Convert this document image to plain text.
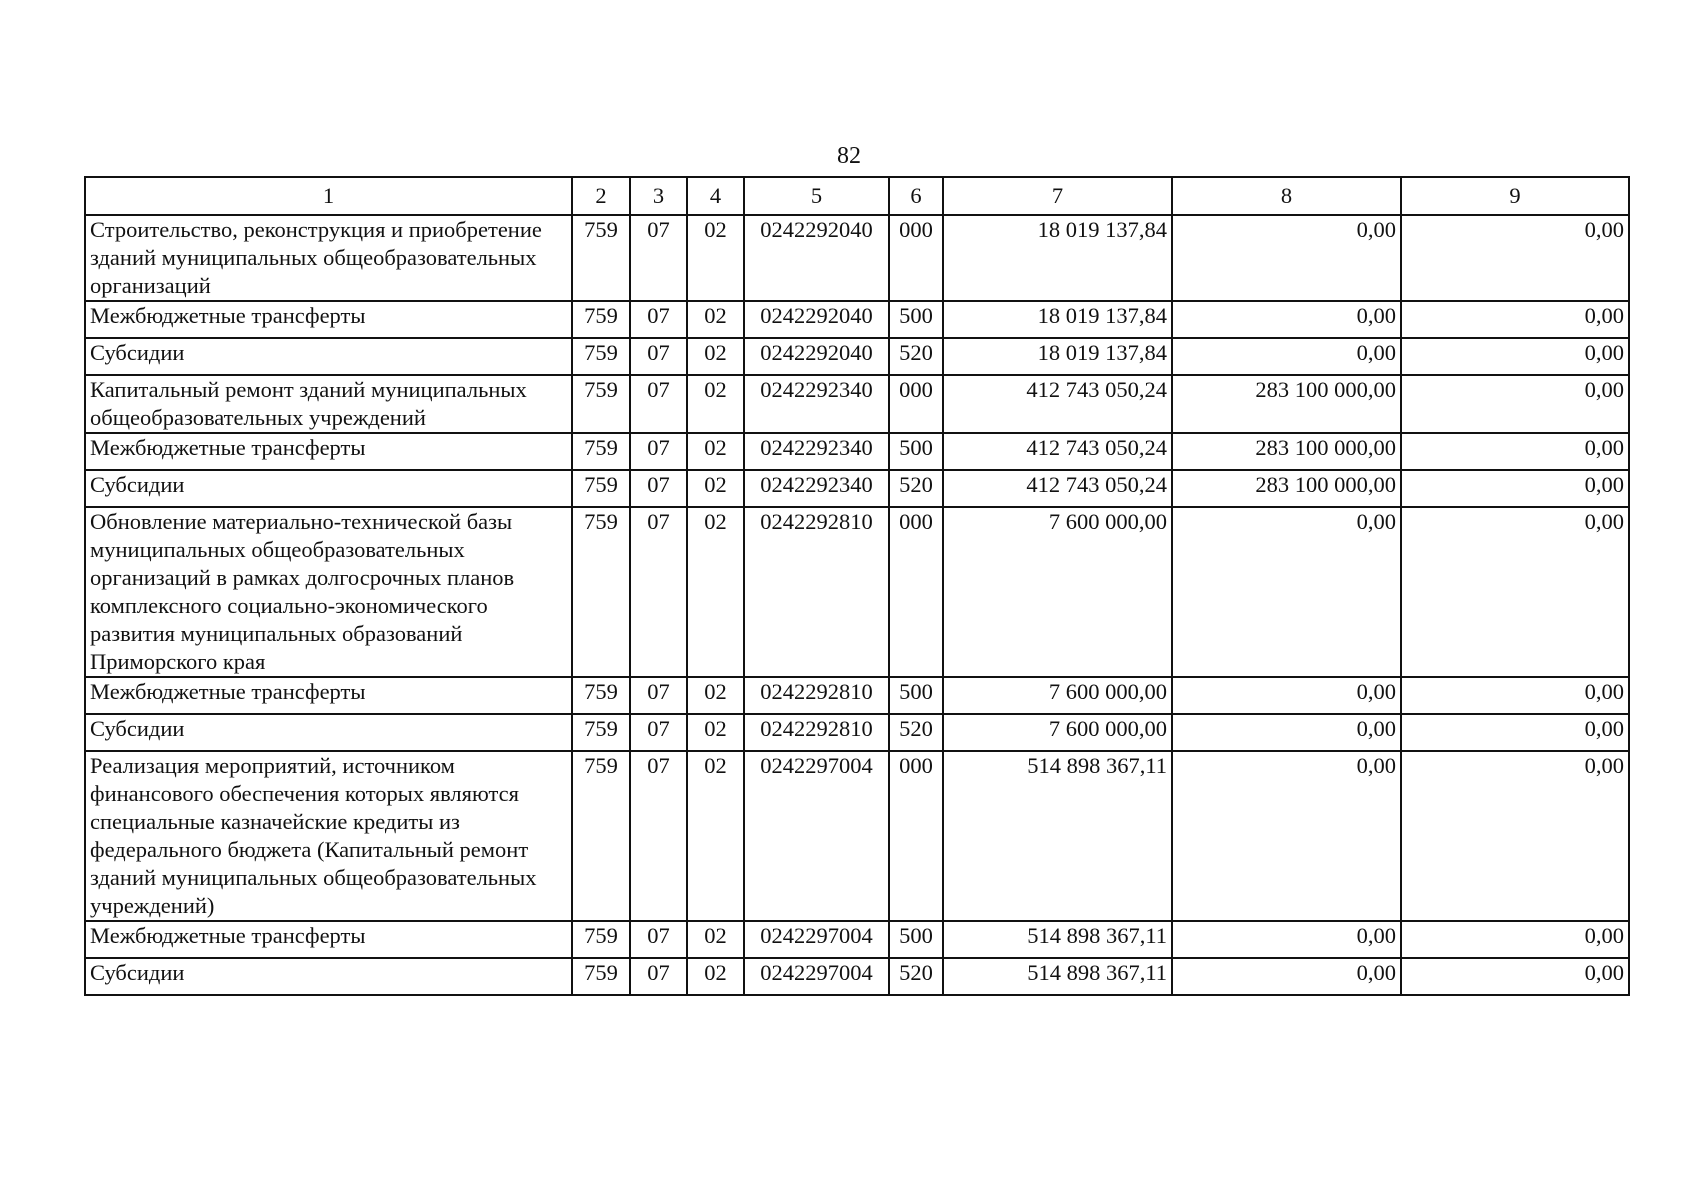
82
1	2	3	4	5	6	7	8	9
Строительство, реконструкция и приобретение зданий муниципальных общеобразовательных организаций	759	07	02	0242292040	000	18 019 137,84	0,00	0,00
Межбюджетные трансферты	759	07	02	0242292040	500	18 019 137,84	0,00	0,00
Субсидии	759	07	02	0242292040	520	18 019 137,84	0,00	0,00
Капитальный ремонт зданий муниципальных общеобразовательных учреждений	759	07	02	0242292340	000	412 743 050,24	283 100 000,00	0,00
Межбюджетные трансферты	759	07	02	0242292340	500	412 743 050,24	283 100 000,00	0,00
Субсидии	759	07	02	0242292340	520	412 743 050,24	283 100 000,00	0,00
Обновление материально-технической базы муниципальных общеобразовательных организаций в рамках долгосрочных планов комплексного социально-экономического развития муниципальных образований Приморского края	759	07	02	0242292810	000	7 600 000,00	0,00	0,00
Межбюджетные трансферты	759	07	02	0242292810	500	7 600 000,00	0,00	0,00
Субсидии	759	07	02	0242292810	520	7 600 000,00	0,00	0,00
Реализация мероприятий, источником финансового обеспечения которых являются специальные казначейские кредиты из федерального бюджета (Капитальный ремонт зданий муниципальных общеобразовательных учреждений)	759	07	02	0242297004	000	514 898 367,11	0,00	0,00
Межбюджетные трансферты	759	07	02	0242297004	500	514 898 367,11	0,00	0,00
Субсидии	759	07	02	0242297004	520	514 898 367,11	0,00	0,00
